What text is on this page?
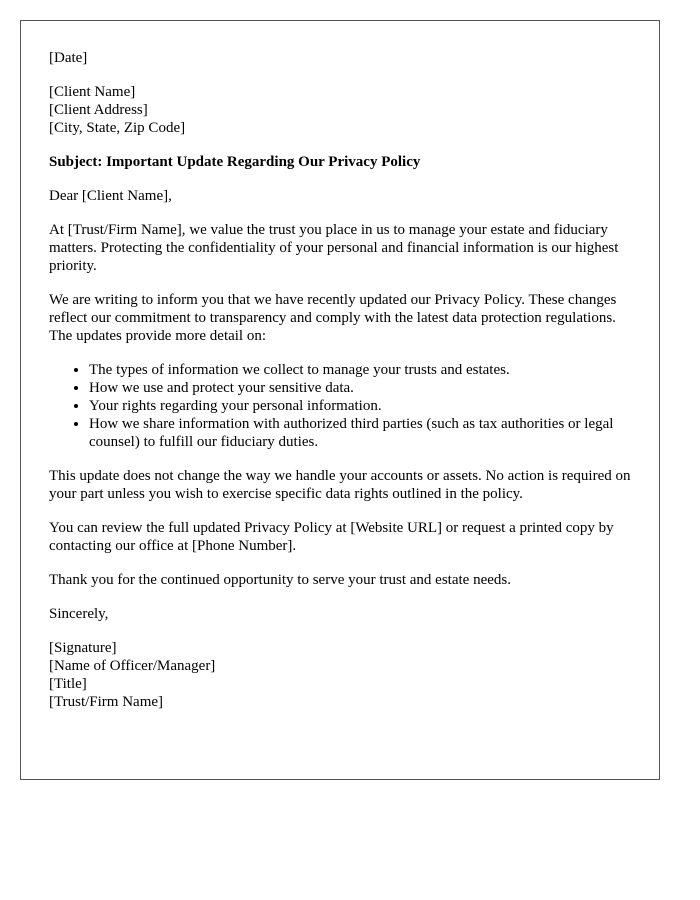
[Date]
[Client Name]
[Client Address]
[City, State, Zip Code]
Subject: Important Update Regarding Our Privacy Policy

Dear [Client Name],

At [Trust/Firm Name], we value the trust you place in us to manage your estate and fiduciary matters. Protecting the confidentiality of your personal and financial information is our highest priority.

We are writing to inform you that we have recently updated our Privacy Policy. These changes reflect our commitment to transparency and comply with the latest data protection regulations. The updates provide more detail on:

• The types of information we collect to manage your trusts and estates.
• How we use and protect your sensitive data.
• Your rights regarding your personal information.
• How we share information with authorized third parties (such as tax authorities or legal counsel) to fulfill our fiduciary duties.

This update does not change the way we handle your accounts or assets. No action is required on your part unless you wish to exercise specific data rights outlined in the policy.

You can review the full updated Privacy Policy at [Website URL] or request a printed copy by contacting our office at [Phone Number].

Thank you for the continued opportunity to serve your trust and estate needs.

Sincerely,

[Signature]
[Name of Officer/Manager]
[Title]
[Trust/Firm Name]
